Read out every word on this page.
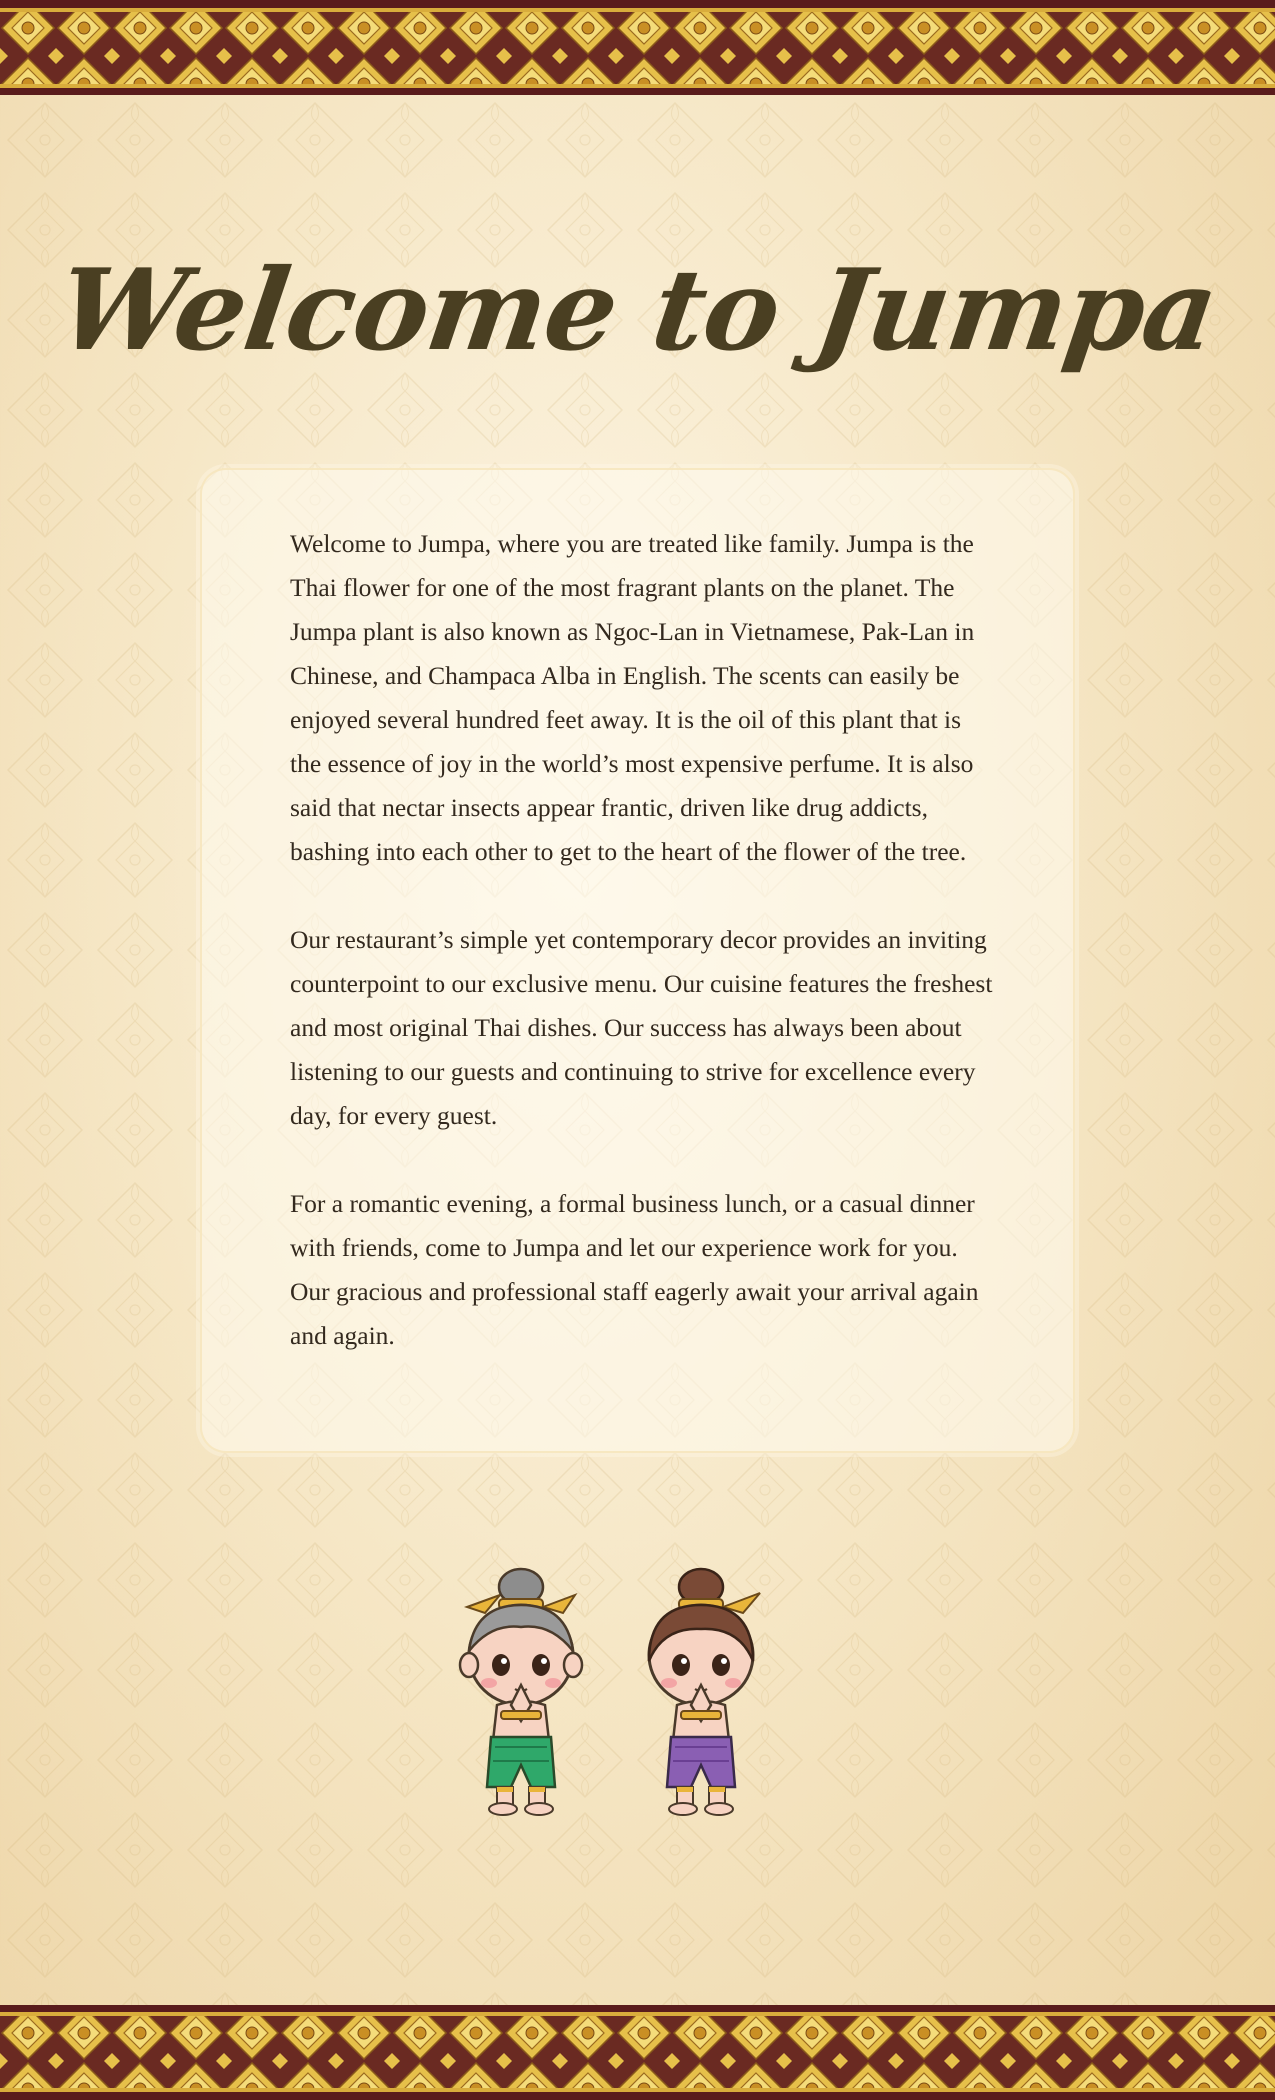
Welcome to Jumpa

Welcome to Jumpa, where you are treated like family. Jumpa is the Thai flower for one of the most fragrant plants on the planet. The Jumpa plant is also known as Ngoc-Lan in Vietnamese, Pak-Lan in Chinese, and Champaca Alba in English. The scents can easily be enjoyed several hundred feet away. It is the oil of this plant that is the essence of joy in the world’s most expensive perfume. It is also said that nectar insects appear frantic, driven like drug addicts, bashing into each other to get to the heart of the flower of the tree.

Our restaurant’s simple yet contemporary decor provides an inviting counterpoint to our exclusive menu. Our cuisine features the freshest and most original Thai dishes. Our success has always been about listening to our guests and continuing to strive for excellence every day, for every guest.

For a romantic evening, a formal business lunch, or a casual dinner with friends, come to Jumpa and let our experience work for you. Our gracious and professional staff eagerly await your arrival again and again.
